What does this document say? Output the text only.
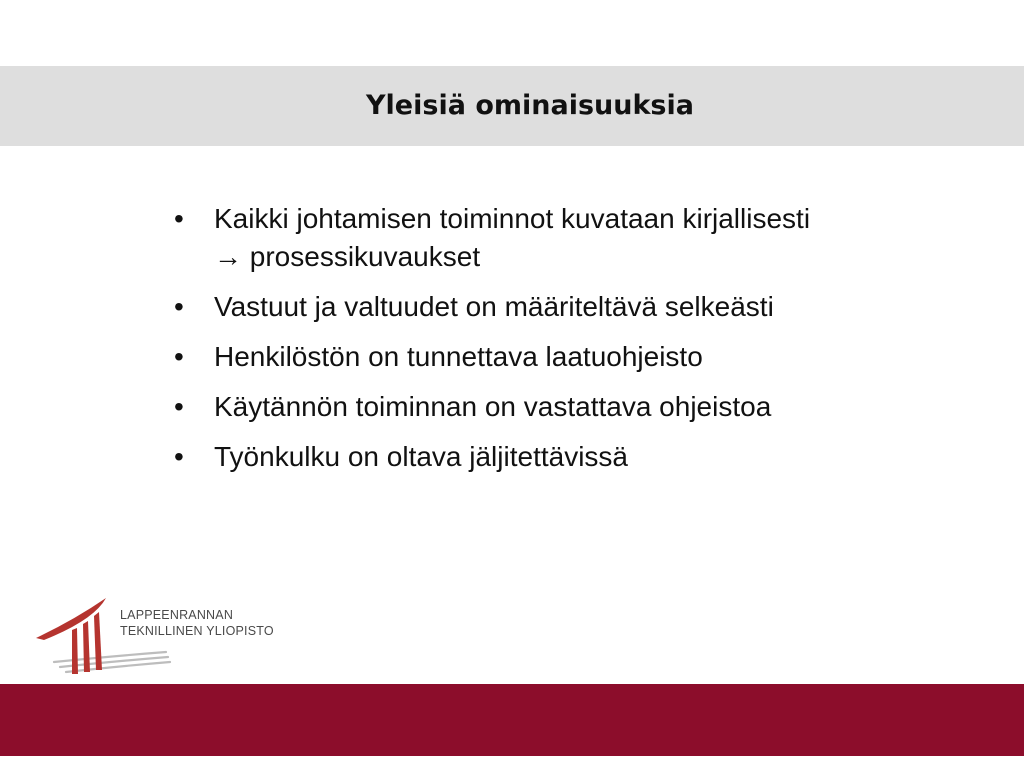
Yleisiä ominaisuuksia
• Kaikki johtamisen toiminnot kuvataan kirjallisesti
→ prosessikuvaukset
• Vastuut ja valtuudet on määriteltävä selkeästi
• Henkilöstön on tunnettava laatuohjeisto
• Käytännön toiminnan on vastattava ohjeistoa
• Työnkulku on oltava jäljitettävissä
LAPPEENRANNAN
TEKNILLINEN YLIOPISTO
